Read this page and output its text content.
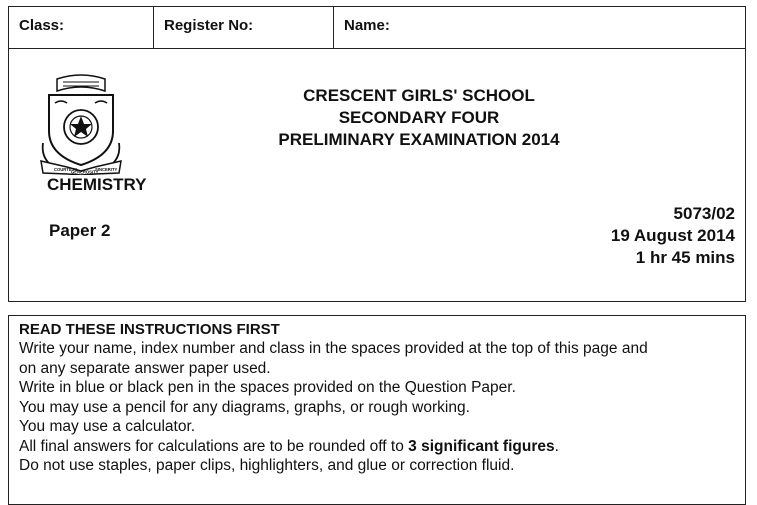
Class:	Register No:	Name:
COURTESY
GENEROSITY
SINCERITY
CRESCENT GIRLS' SCHOOL
SECONDARY FOUR
PRELIMINARY EXAMINATION 2014
CHEMISTRY
Paper 2
5073/02
19 August 2014
1 hr 45 mins
READ THESE INSTRUCTIONS FIRST
Write your name, index number and class in the spaces provided at the top of this page and
on any separate answer paper used.
Write in blue or black pen in the spaces provided on the Question Paper.
You may use a pencil for any diagrams, graphs, or rough working.
You may use a calculator.
All final answers for calculations are to be rounded off to 3 significant figures.
Do not use staples, paper clips, highlighters, and glue or correction fluid.
